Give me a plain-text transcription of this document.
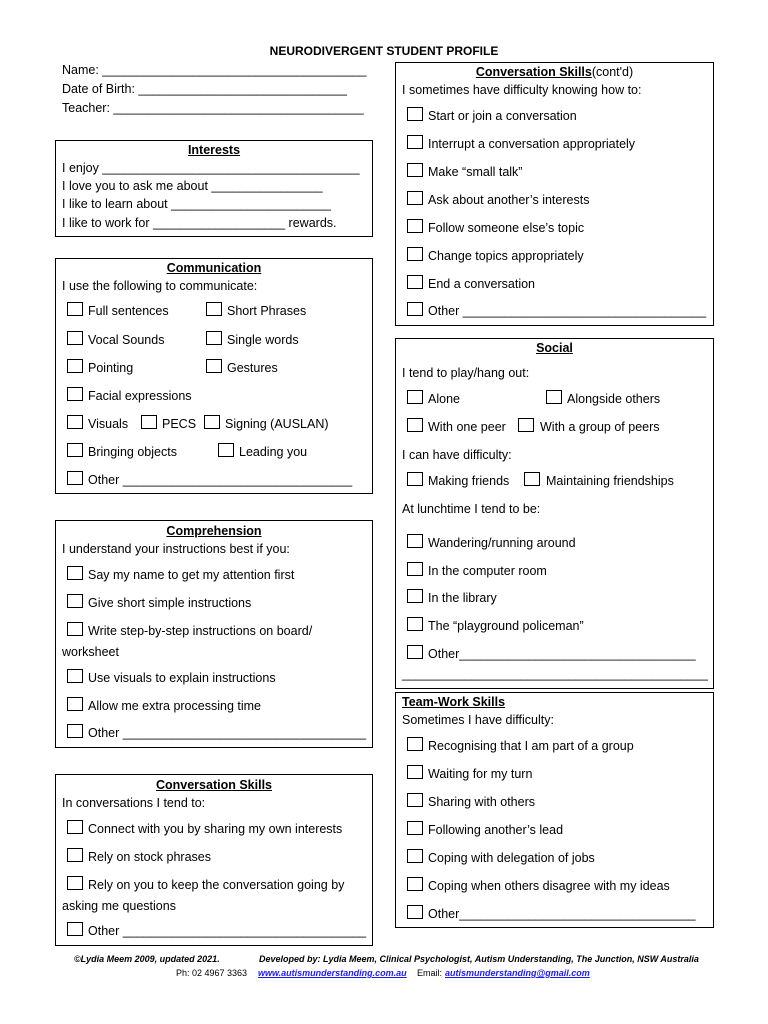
NEURODIVERGENT STUDENT PROFILE
Name: ______________________________________
Date of Birth: ______________________________
Teacher: ____________________________________
Interests
I enjoy _____________________________________
I love you to ask me about ________________
I like to learn about _______________________
I like to work for ___________________ rewards.
Communication
I use the following to communicate:
Full sentences	Short Phrases
Vocal Sounds	Single words
Pointing	Gestures
Facial expressions
Visuals	PECS Signing (AUSLAN)
Bringing objects	Leading you
Other _________________________________
Comprehension
I understand your instructions best if you:
Say my name to get my attention first
Give short simple instructions
Write step-by-step instructions on board/
worksheet
Use visuals to explain instructions
Allow me extra processing time
Other ___________________________________
Conversation Skills
In conversations I tend to:
Connect with you by sharing my own interests
Rely on stock phrases
Rely on you to keep the conversation going by
asking me questions
Other ___________________________________
Conversation Skills(cont'd)
I sometimes have difficulty knowing how to:
Start or join a conversation
Interrupt a conversation appropriately
Make “small talk”
Ask about another’s interests
Follow someone else’s topic
Change topics appropriately
End a conversation
Other ___________________________________
Social
I tend to play/hang out:
Alone	Alongside others
With one peer	With a group of peers
I can have difficulty:
Making friends	Maintaining friendships
At lunchtime I tend to be:
Wandering/running around
In the computer room
In the library
The “playground policeman”
Other__________________________________
____________________________________________
Team-Work Skills
Sometimes I have difficulty:
Recognising that I am part of a group
Waiting for my turn
Sharing with others
Following another’s lead
Coping with delegation of jobs
Coping when others disagree with my ideas
Other__________________________________
©Lydia Meem 2009, updated 2021.	Developed by: Lydia Meem, Clinical Psychologist, Autism Understanding, The Junction, NSW Australia
Ph: 02 4967 3363 www.autismunderstanding.com.au Email: autismunderstanding@gmail.com
